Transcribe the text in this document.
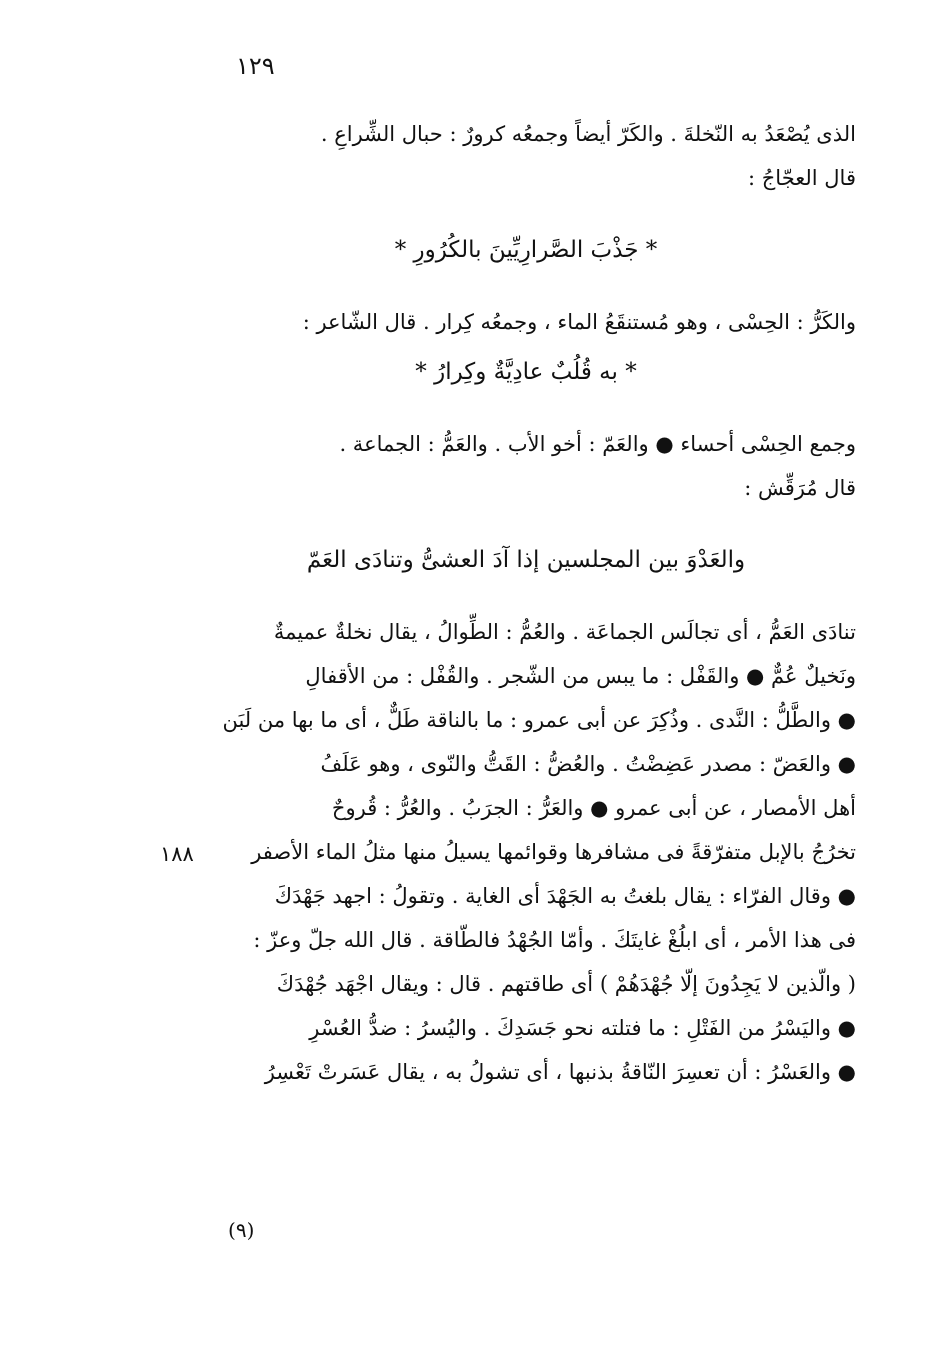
١٢٩
الذى يُصْعَدُ به النّخلةَ . والكَرّ أيضاً وجمعُه كرورٌ : حبال الشِّراعِ .
قال العجّاجُ :
* جَذْبَ الصَّرارِيِّينَ بالكُرُورِ *
والكَرُّ : الحِسْى ، وهو مُستنقَعُ الماء ، وجمعُه كِرار . قال الشّاعر :
* به قُلُبٌ عادِيَّةٌ وكِرارُ *
وجمع الحِسْى أحساء ● والعَمّ : أخو الأب . والعَمُّ : الجماعة .
قال مُرَقِّش :
والعَدْوَ بين المجلسين إذا آدَ العشىُّ وتنادَى العَمّ
تنادَى العَمُّ ، أى تجالَس الجماعَة . والعُمُّ : الطِّوالُ ، يقال نخلةٌ عميمةٌ
ونَخيلٌ عُمٌّ ● والقَفْل : ما يبس من الشّجر . والقُفْل : من الأقفالِ
● والطَّلُّ : النَّدى . وذُكِرَ عن أبى عمرو : ما بالناقة طَلٌّ ، أى ما بها من لَبَن
● والعَضّ : مصدر عَضِضْتُ . والعُضُّ : القَتُّ والنّوى ، وهو عَلَفُ
أهل الأمصار ، عن أبى عمرو ● والعَرُّ : الجرَبُ . والعُرُّ : قُروحٌ
تخرُجُ بالإبل متفرّقةً فى مشافرها وقوائمها يسيلُ منها مثلُ الماء الأصفر
● وقال الفرّاء : يقال بلغتُ به الجَهْدَ أى الغاية . وتقولُ : اجهد جَهْدَكَ
فى هذا الأمر ، أى ابلُغْ غايتَكَ . وأمّا الجُهْدُ فالطّاقة . قال الله جلّ وعزّ :
( والّذين لا يَجِدُونَ إلّا جُهْدَهُمْ ) أى طاقتهم . قال : ويقال اجْهَد جُهْدَكَ
● واليَسْرُ من الفَتْلِ : ما فتلته نحو جَسَدِكَ . واليُسرُ : ضدُّ العُسْرِ
● والعَسْرُ : أن تعسِرَ النّاقةُ بذنبها ، أى تشولُ به ، يقال عَسَرتْ تَعْسِرُ
١٨٨
(٩)
